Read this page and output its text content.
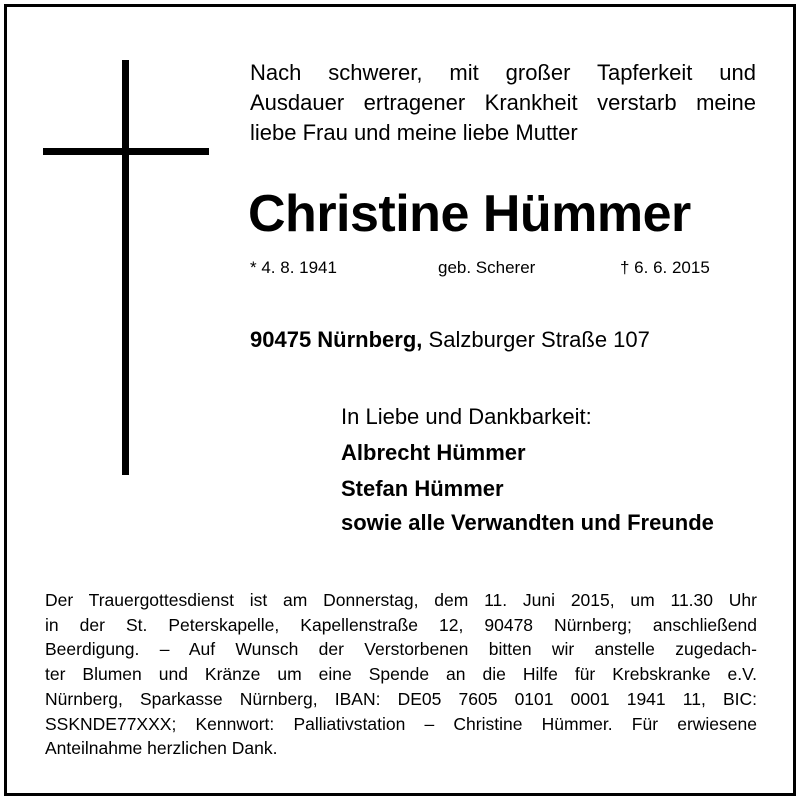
Nach schwerer, mit großer Tapferkeit und
Ausdauer ertragener Krankheit verstarb meine
liebe Frau und meine liebe Mutter
Christine Hümmer
* 4. 8. 1941	geb. Scherer	† 6. 6. 2015
90475 Nürnberg, Salzburger Straße 107
In Liebe und Dankbarkeit:
Albrecht Hümmer
Stefan Hümmer
sowie alle Verwandten und Freunde
Der Trauergottesdienst ist am Donnerstag, dem 11. Juni 2015, um 11.30 Uhr
in der St. Peterskapelle, Kapellenstraße 12, 90478 Nürnberg; anschließend
Beerdigung. – Auf Wunsch der Verstorbenen bitten wir anstelle zugedach-
ter Blumen und Kränze um eine Spende an die Hilfe für Krebskranke e.V.
Nürnberg, Sparkasse Nürnberg, IBAN: DE05 7605 0101 0001 1941 11, BIC:
SSKNDE77XXX; Kennwort: Palliativstation – Christine Hümmer. Für erwiesene
Anteilnahme herzlichen Dank.
